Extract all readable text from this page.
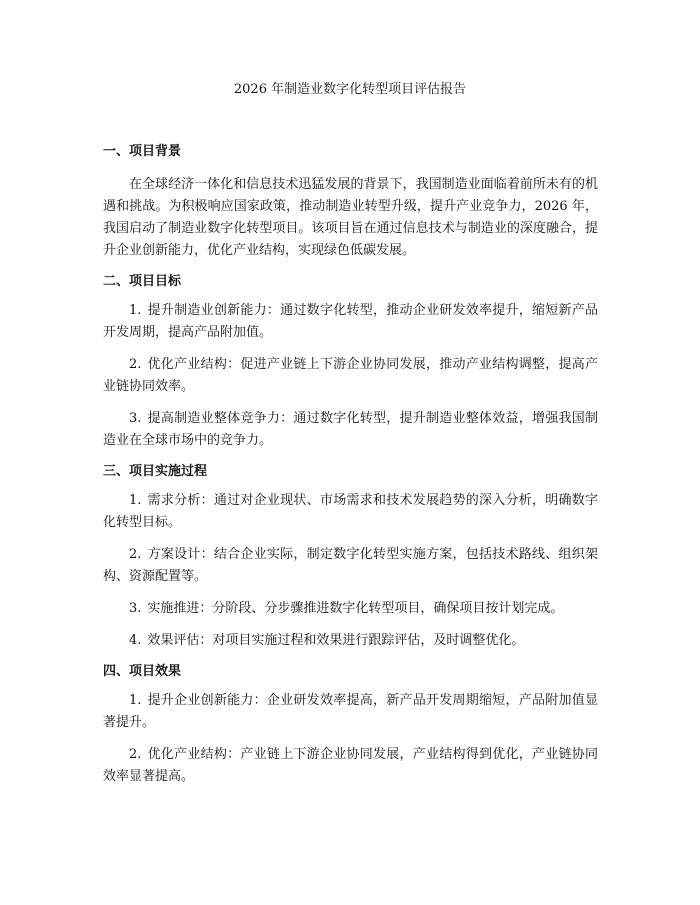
2026 年制造业数字化转型项目评估报告
一、项目背景

在全球经济一体化和信息技术迅猛发展的背景下，我国制造业面临着前所未有的机遇和挑战。为积极响应国家政策，推动制造业转型升级，提升产业竞争力，2026 年，我国启动了制造业数字化转型项目。该项目旨在通过信息技术与制造业的深度融合，提升企业创新能力，优化产业结构，实现绿色低碳发展。

二、项目目标
1. 提升制造业创新能力：通过数字化转型，推动企业研发效率提升，缩短新产品开发周期，提高产品附加值。
2. 优化产业结构：促进产业链上下游企业协同发展，推动产业结构调整，提高产业链协同效率。
3. 提高制造业整体竞争力：通过数字化转型，提升制造业整体效益，增强我国制造业在全球市场中的竞争力。
三、项目实施过程
1. 需求分析：通过对企业现状、市场需求和技术发展趋势的深入分析，明确数字化转型目标。
2. 方案设计：结合企业实际，制定数字化转型实施方案，包括技术路线、组织架构、资源配置等。
3. 实施推进：分阶段、分步骤推进数字化转型项目，确保项目按计划完成。
4. 效果评估：对项目实施过程和效果进行跟踪评估，及时调整优化。
四、项目效果
1. 提升企业创新能力：企业研发效率提高，新产品开发周期缩短，产品附加值显著提升。
2. 优化产业结构：产业链上下游企业协同发展，产业结构得到优化，产业链协同效率显著提高。
